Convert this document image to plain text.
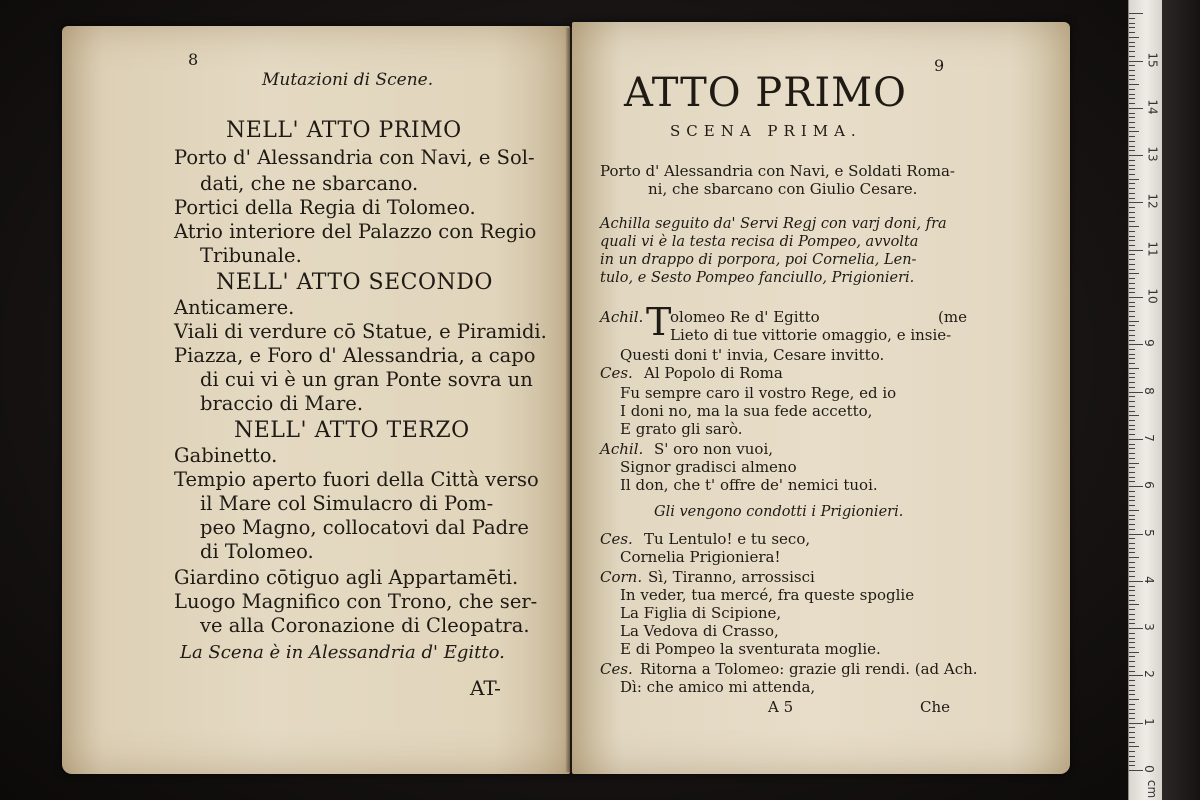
8
Mutazioni di Scene.
NELL' ATTO PRIMO
Porto d' Alessandria con Navi, e Sol-
dati, che ne sbarcano.
Portici della Regia di Tolomeo.
Atrio interiore del Palazzo con Regio
Tribunale.
NELL' ATTO SECONDO
Anticamere.
Viali di verdure cō Statue, e Piramidi.
Piazza, e Foro d' Alessandria, a capo
di cui vi è un gran Ponte sovra un
braccio di Mare.
NELL' ATTO TERZO
Gabinetto.
Tempio aperto fuori della Città verso
il Mare col Simulacro di Pom-
peo Magno, collocatovi dal Padre
di Tolomeo.
Giardino cōtiguo agli Appartamēti.
Luogo Magnifico con Trono, che ser-
ve alla Coronazione di Cleopatra.
La Scena è in Alessandria d' Egitto.
AT-
ATTO PRIMO
9
SCENA PRIMA.
Porto d' Alessandria con Navi, e Soldati Roma-
ni, che sbarcano con Giulio Cesare.
Achilla seguito da' Servi Regj con varj doni, fra
quali vi è la testa recisa di Pompeo, avvolta
in un drappo di porpora, poi Cornelia, Len-
tulo, e Sesto Pompeo fanciullo, Prigionieri.
Achil. T
olomeo Re d' Egitto	(me
Lieto di tue vittorie omaggio, e insie-
Questi doni t' invia, Cesare invitto.
Ces. Al Popolo di Roma
Fu sempre caro il vostro Rege, ed io
I doni no, ma la sua fede accetto,
E grato gli sarò.
Achil. S' oro non vuoi,
Signor gradisci almeno
Il don, che t' offre de' nemici tuoi.
Gli vengono condotti i Prigionieri.
Ces. Tu Lentulo! e tu seco,
Cornelia Prigioniera!
Corn. Sì, Tiranno, arrossisci
In veder, tua mercé, fra queste spoglie
La Figlia di Scipione,
La Vedova di Crasso,
E di Pompeo la sventurata moglie.
Ces. Ritorna a Tolomeo: grazie gli rendi. (ad Ach.
Dì: che amico mi attenda,
A 5	Che
0
1
2
3
4
5
6
7
8
9
10
11
12
13
14
15
cm
